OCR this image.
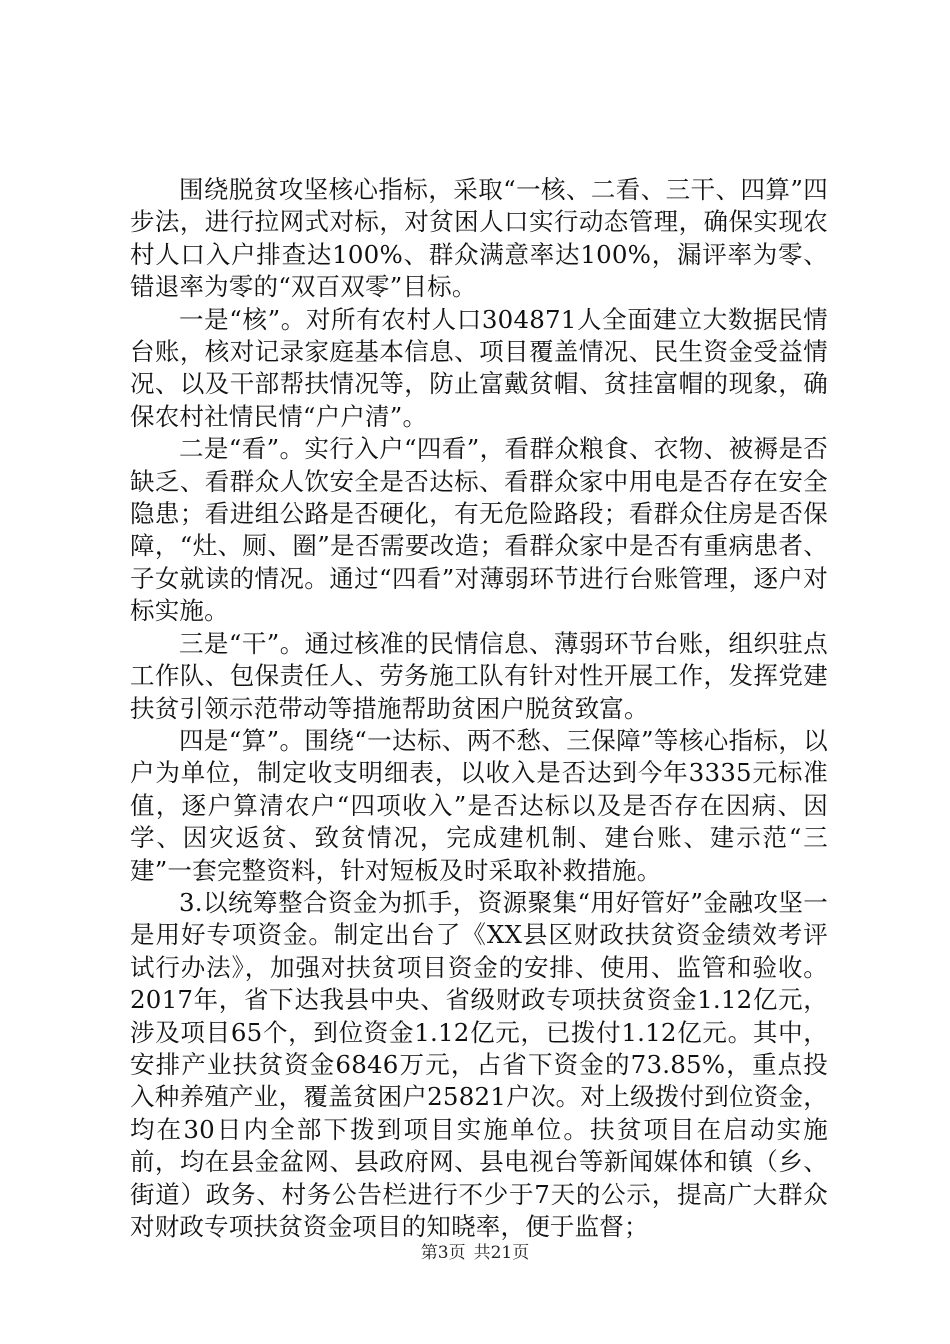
围绕脱贫攻坚核心指标，采取“一核、二看、三干、四算”四步法，进行拉网式对标，对贫困人口实行动态管理，确保实现农村人口入户排查达100%、群众满意率达100%，漏评率为零、错退率为零的“双百双零”目标。

一是“核”。对所有农村人口304871人全面建立大数据民情台账，核对记录家庭基本信息、项目覆盖情况、民生资金受益情况、以及干部帮扶情况等，防止富戴贫帽、贫挂富帽的现象，确保农村社情民情“户户清”。

二是“看”。实行入户“四看”，看群众粮食、衣物、被褥是否缺乏、看群众人饮安全是否达标、看群众家中用电是否存在安全隐患；看进组公路是否硬化，有无危险路段；看群众住房是否保障，“灶、厕、圈”是否需要改造；看群众家中是否有重病患者、子女就读的情况。通过“四看”对薄弱环节进行台账管理，逐户对标实施。

三是“干”。通过核准的民情信息、薄弱环节台账，组织驻点工作队、包保责任人、劳务施工队有针对性开展工作，发挥党建扶贫引领示范带动等措施帮助贫困户脱贫致富。

四是“算”。围绕“一达标、两不愁、三保障”等核心指标，以户为单位，制定收支明细表，以收入是否达到今年3335元标准值，逐户算清农户“四项收入”是否达标以及是否存在因病、因学、因灾返贫、致贫情况，完成建机制、建台账、建示范“三建”一套完整资料，针对短板及时采取补救措施。

3.以统筹整合资金为抓手，资源聚集“用好管好”金融攻坚一是用好专项资金。制定出台了《XX县区财政扶贫资金绩效考评试行办法》，加强对扶贫项目资金的安排、使用、监管和验收。2017年，省下达我县中央、省级财政专项扶贫资金1.12亿元，涉及项目65个，到位资金1.12亿元，已拨付1.12亿元。其中，安排产业扶贫资金6846万元，占省下资金的73.85%，重点投入种养殖产业，覆盖贫困户25821户次。对上级拨付到位资金，均在30日内全部下拨到项目实施单位。扶贫项目在启动实施前，均在县金盆网、县政府网、县电视台等新闻媒体和镇（乡、街道）政务、村务公告栏进行不少于7天的公示，提高广大群众对财政专项扶贫资金项目的知晓率，便于监督；

第3页 共21页
